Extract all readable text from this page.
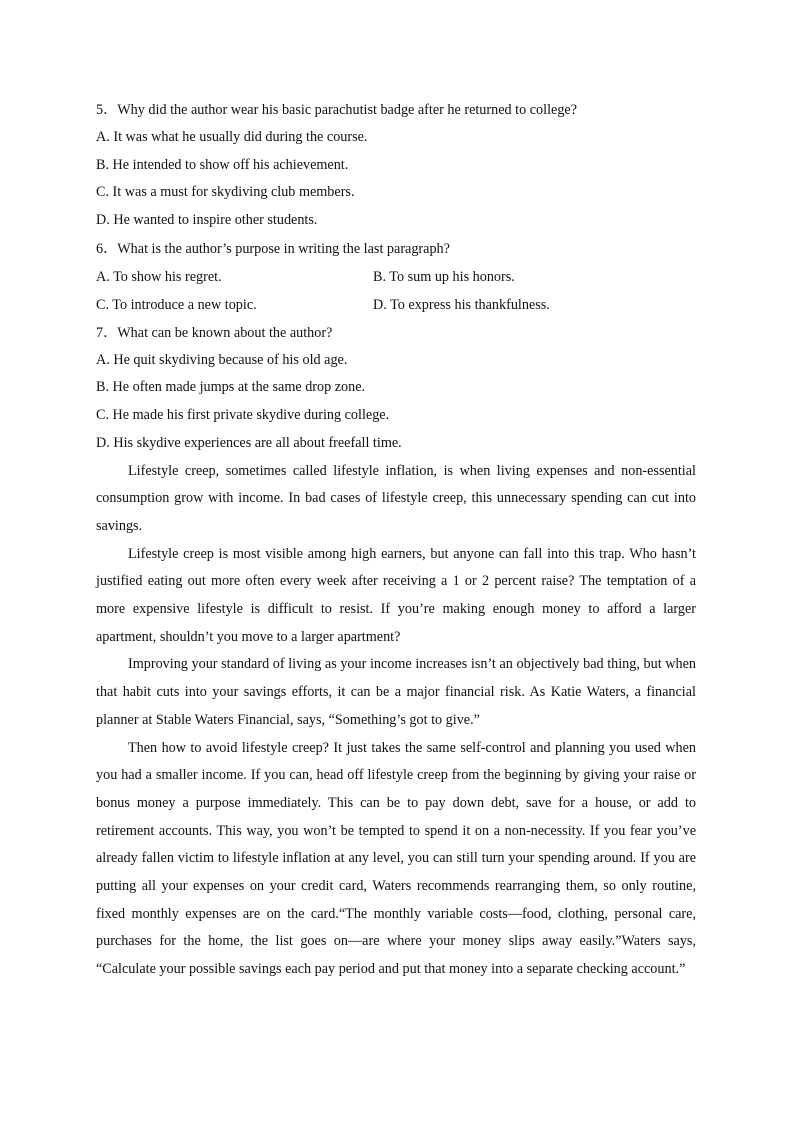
5．Why did the author wear his basic parachutist badge after he returned to college?
A. It was what he usually did during the course.
B. He intended to show off his achievement.
C. It was a must for skydiving club members.
D. He wanted to inspire other students.
6．What is the author’s purpose in writing the last paragraph?
A. To show his regret.	B. To sum up his honors.
C. To introduce a new topic.	D. To express his thankfulness.
7．What can be known about the author?
A. He quit skydiving because of his old age.
B. He often made jumps at the same drop zone.
C. He made his first private skydive during college.
D. His skydive experiences are all about freefall time.

Lifestyle creep, sometimes called lifestyle inflation, is when living expenses and non-essential consumption grow with income. In bad cases of lifestyle creep, this unnecessary spending can cut into savings.

Lifestyle creep is most visible among high earners, but anyone can fall into this trap. Who hasn’t justified eating out more often every week after receiving a 1 or 2 percent raise? The temptation of a more expensive lifestyle is difficult to resist. If you’re making enough money to afford a larger apartment, shouldn’t you move to a larger apartment?

Improving your standard of living as your income increases isn’t an objectively bad thing, but when that habit cuts into your savings efforts, it can be a major financial risk. As Katie Waters, a financial planner at Stable Waters Financial, says, “Something’s got to give.”

Then how to avoid lifestyle creep? It just takes the same self-control and planning you used when you had a smaller income. If you can, head off lifestyle creep from the beginning by giving your raise or bonus money a purpose immediately. This can be to pay down debt, save for a house, or add to retirement accounts. This way, you won’t be tempted to spend it on a non-necessity. If you fear you’ve already fallen victim to lifestyle inflation at any level, you can still turn your spending around. If you are putting all your expenses on your credit card, Waters recommends rearranging them, so only routine, fixed monthly expenses are on the card.“The monthly variable costs—food, clothing, personal care, purchases for the home, the list goes on—are where your money slips away easily.”Waters says, “Calculate your possible savings each pay period and put that money into a separate checking account.”
